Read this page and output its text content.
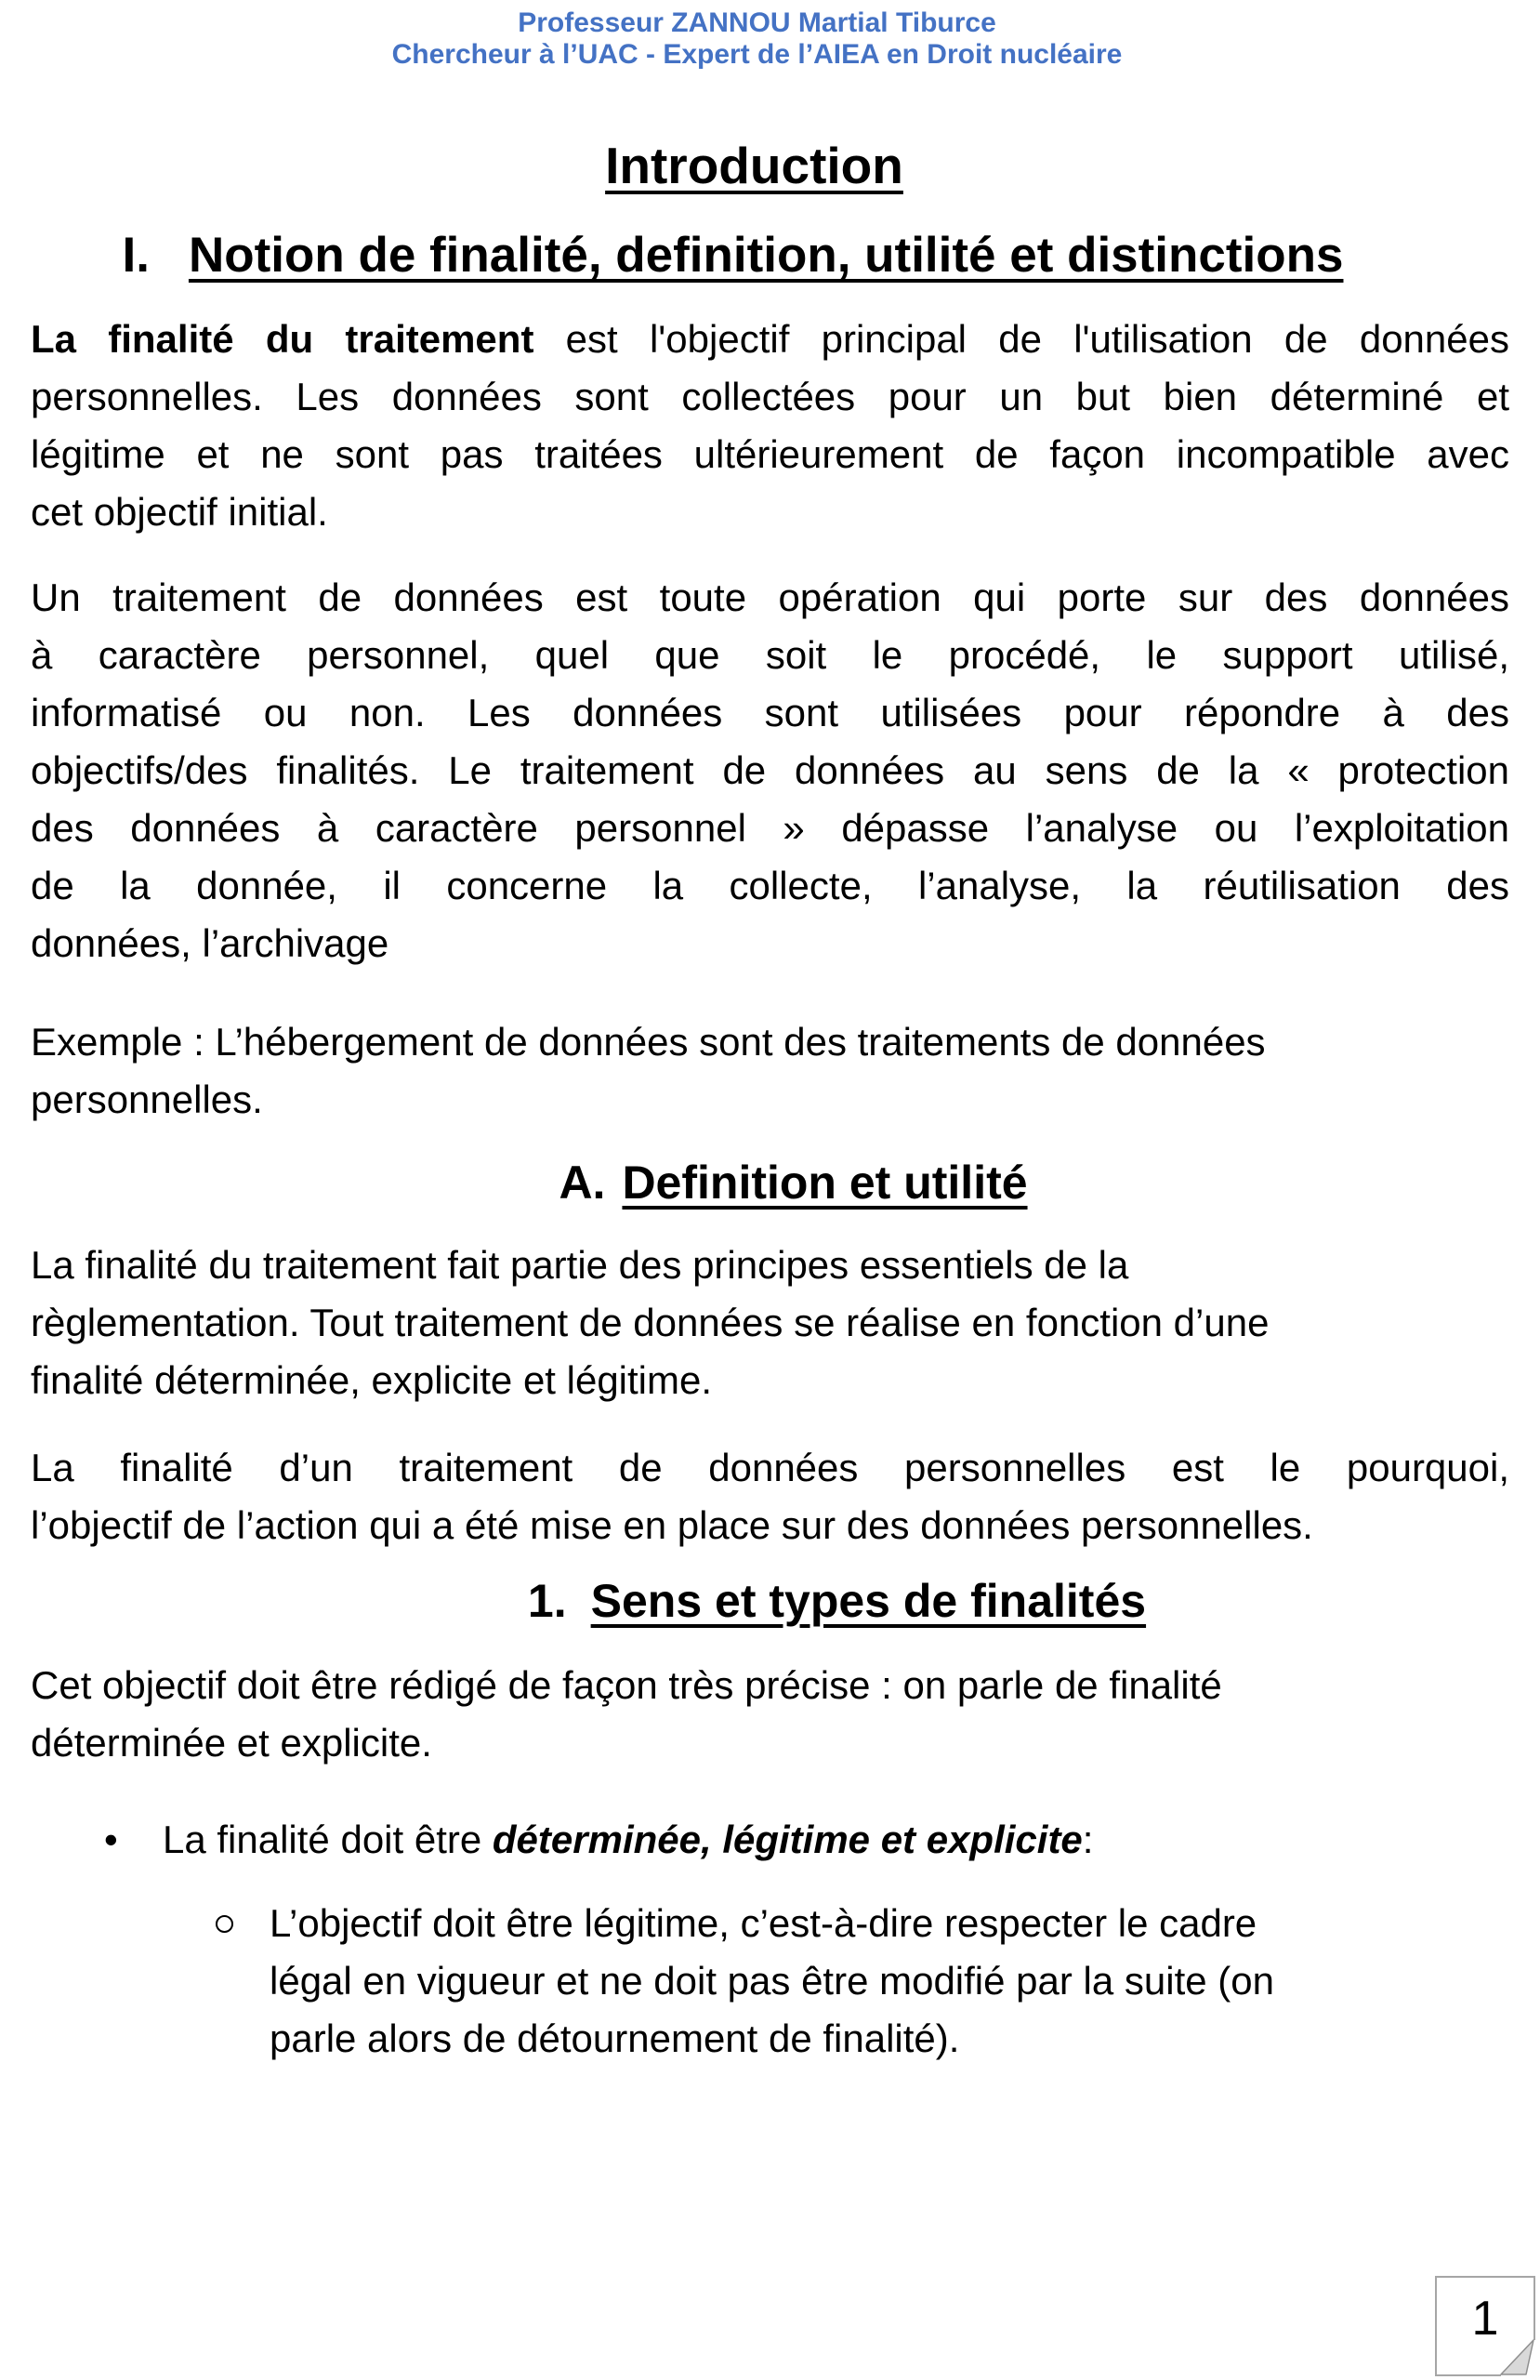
Professeur ZANNOU Martial Tiburce
Chercheur à l’UAC - Expert de l’AIEA en Droit nucléaire
Introduction
I. Notion de finalité, definition, utilité et distinctions
La finalité du traitement est l'objectif principal de l'utilisation de données
personnelles. Les données sont collectées pour un but bien déterminé et
légitime et ne sont pas traitées ultérieurement de façon incompatible avec
cet objectif initial.
Un traitement de données est toute opération qui porte sur des données
à caractère personnel, quel que soit le procédé, le support utilisé,
informatisé ou non. Les données sont utilisées pour répondre à des
objectifs/des finalités. Le traitement de données au sens de la « protection
des données à caractère personnel » dépasse l’analyse ou l’exploitation
de la donnée, il concerne la collecte, l’analyse, la réutilisation des
données, l’archivage
Exemple : L’hébergement de données sont des traitements de données
personnelles.
A. Definition et utilité
La finalité du traitement fait partie des principes essentiels de la
règlementation. Tout traitement de données se réalise en fonction d’une
finalité déterminée, explicite et légitime.
La finalité d’un traitement de données personnelles est le pourquoi,
l’objectif de l’action qui a été mise en place sur des données personnelles.
1. Sens et types de finalités
Cet objectif doit être rédigé de façon très précise : on parle de finalité
déterminée et explicite.
•	La finalité doit être déterminée, légitime et explicite:
L’objectif doit être légitime, c’est-à-dire respecter le cadre
légal en vigueur et ne doit pas être modifié par la suite (on
parle alors de détournement de finalité).
1
